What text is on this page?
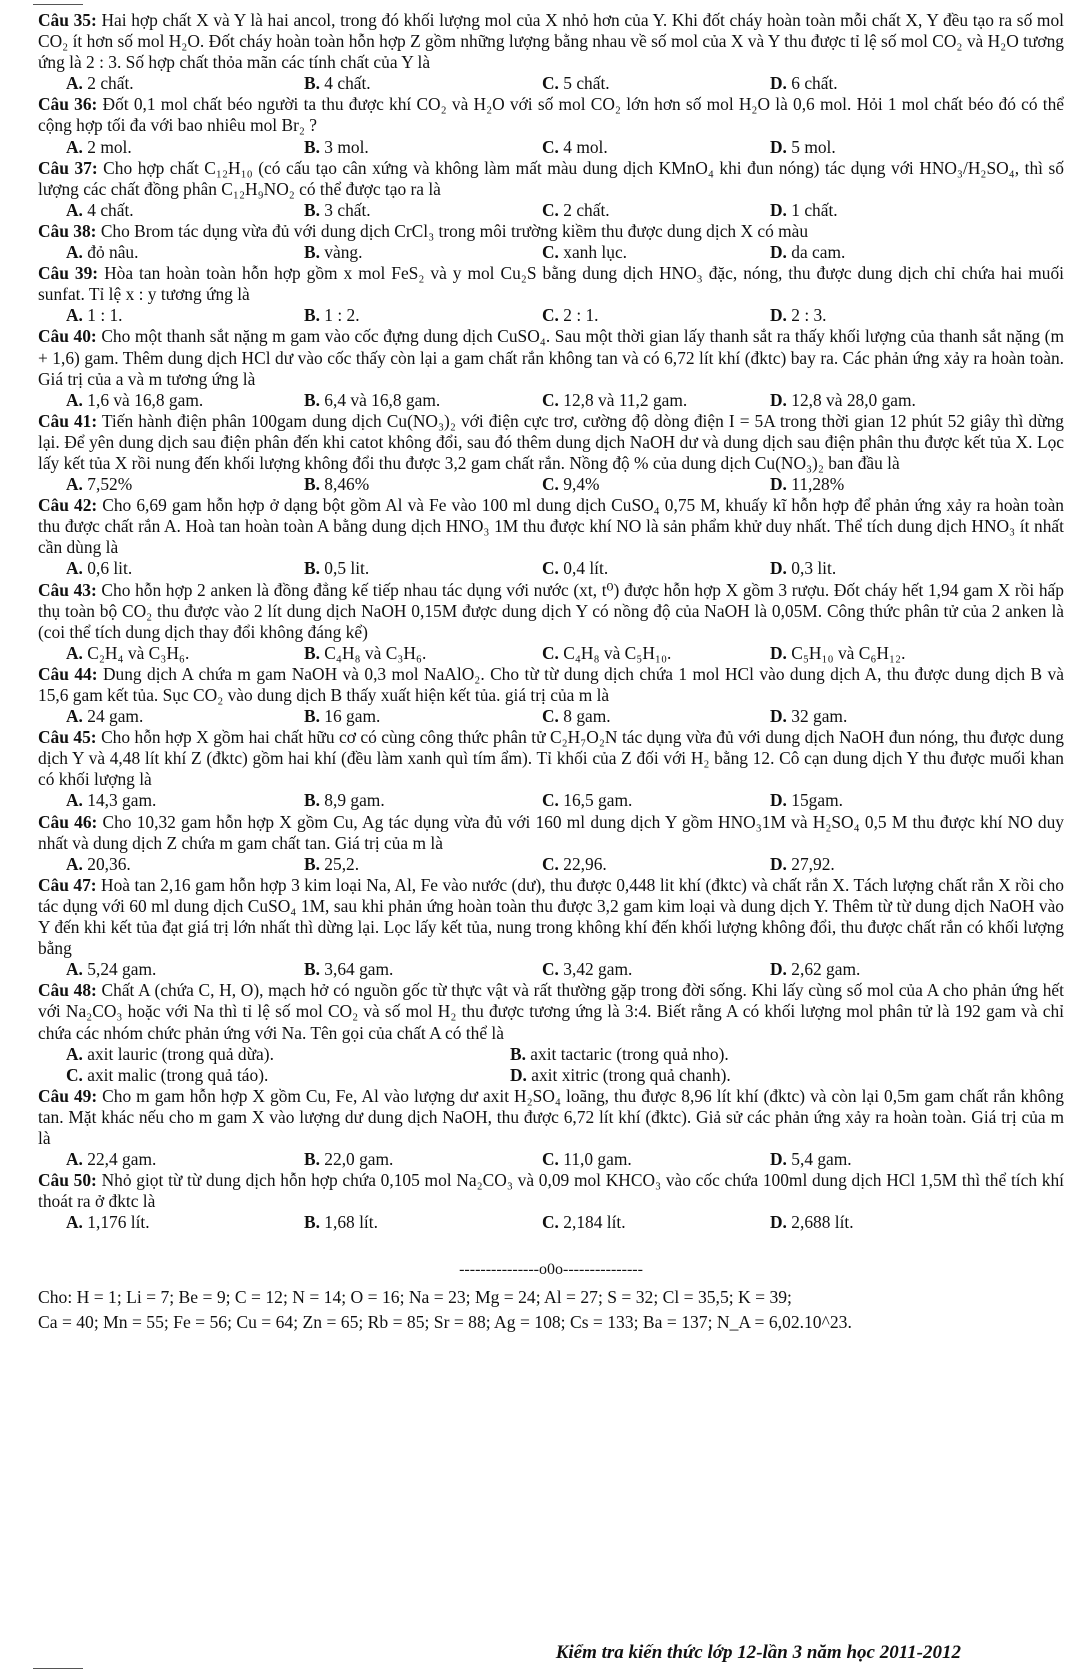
Câu 35: Hai hợp chất X và Y là hai ancol, trong đó khối lượng mol của X nhỏ hơn của Y. Khi đốt cháy hoàn toàn mỗi chất X, Y đều tạo ra số mol CO₂ ít hơn số mol H₂O. Đốt cháy hoàn toàn hỗn hợp Z gồm những lượng bằng nhau về số mol của X và Y thu được tỉ lệ số mol CO₂ và H₂O tương ứng là 2 : 3. Số hợp chất thỏa mãn các tính chất của Y là

A. 2 chất.	B. 4 chất.	C. 5 chất.	D. 6 chất.

Câu 36: Đốt 0,1 mol chất béo người ta thu được khí CO₂ và H₂O với số mol CO₂ lớn hơn số mol H₂O là 0,6 mol. Hỏi 1 mol chất béo đó có thể cộng hợp tối đa với bao nhiêu mol Br₂ ?

A. 2 mol.	B. 3 mol.	C. 4 mol.	D. 5 mol.

Câu 37: Cho hợp chất C₁₂H₁₀ (có cấu tạo cân xứng và không làm mất màu dung dịch KMnO₄ khi đun nóng) tác dụng với HNO₃/H₂SO₄, thì số lượng các chất đồng phân C₁₂H₉NO₂ có thể được tạo ra là

A. 4 chất.	B. 3 chất.	C. 2 chất.	D. 1 chất.

Câu 38: Cho Brom tác dụng vừa đủ với dung dịch CrCl₃ trong môi trường kiềm thu được dung dịch X có màu

A. đỏ nâu.	B. vàng.	C. xanh lục.	D. da cam.

Câu 39: Hòa tan hoàn toàn hỗn hợp gồm x mol FeS₂ và y mol Cu₂S bằng dung dịch HNO₃ đặc, nóng, thu được dung dịch chỉ chứa hai muối sunfat. Tỉ lệ x : y tương ứng là

A. 1 : 1.	B. 1 : 2.	C. 2 : 1.	D. 2 : 3.

Câu 40: Cho một thanh sắt nặng m gam vào cốc đựng dung dịch CuSO₄. Sau một thời gian lấy thanh sắt ra thấy khối lượng của thanh sắt nặng (m + 1,6) gam. Thêm dung dịch HCl dư vào cốc thấy còn lại a gam chất rắn không tan và có 6,72 lít khí (đktc) bay ra. Các phản ứng xảy ra hoàn toàn. Giá trị của a và m tương ứng là

A. 1,6 và 16,8 gam.	B. 6,4 và 16,8 gam.	C. 12,8 và 11,2 gam.	D. 12,8 và 28,0 gam.

Câu 41: Tiến hành điện phân 100gam dung dịch Cu(NO₃)₂ với điện cực trơ, cường độ dòng điện I = 5A trong thời gian 12 phút 52 giây thì dừng lại. Để yên dung dịch sau điện phân đến khi catot không đổi, sau đó thêm dung dịch NaOH dư và dung dịch sau điện phân thu được kết tủa X. Lọc lấy kết tủa X rồi nung đến khối lượng không đổi thu được 3,2 gam chất rắn. Nồng độ % của dung dịch Cu(NO₃)₂ ban đầu là

A. 7,52%	B. 8,46%	C. 9,4%	D. 11,28%

Câu 42: Cho 6,69 gam hỗn hợp ở dạng bột gồm Al và Fe vào 100 ml dung dịch CuSO₄ 0,75 M, khuấy kĩ hỗn hợp để phản ứng xảy ra hoàn toàn thu được chất rắn A. Hoà tan hoàn toàn A bằng dung dịch HNO₃ 1M thu được khí NO là sản phẩm khử duy nhất. Thể tích dung dịch HNO₃ ít nhất cần dùng là

A. 0,6 lit.	B. 0,5 lit.	C. 0,4 lít.	D. 0,3 lit.

Câu 43: Cho hỗn hợp 2 anken là đồng đẳng kế tiếp nhau tác dụng với nước (xt, t⁰) được hỗn hợp X gồm 3 rượu. Đốt cháy hết 1,94 gam X rồi hấp thụ toàn bộ CO₂ thu được vào 2 lít dung dịch NaOH 0,15M được dung dịch Y có nồng độ của NaOH là 0,05M. Công thức phân tử của 2 anken là (coi thể tích dung dịch thay đổi không đáng kể)

A. C₂H₄ và C₃H₆.	B. C₄H₈ và C₃H₆.	C. C₄H₈ và C₅H₁₀.	D. C₅H₁₀ và C₆H₁₂.

Câu 44: Dung dịch A chứa m gam NaOH và 0,3 mol NaAlO₂. Cho từ từ dung dịch chứa 1 mol HCl vào dung dịch A, thu được dung dịch B và 15,6 gam kết tủa. Sục CO₂ vào dung dịch B thấy xuất hiện kết tủa. giá trị của m là

A. 24 gam.	B. 16 gam.	C. 8 gam.	D. 32 gam.

Câu 45: Cho hỗn hợp X gồm hai chất hữu cơ có cùng công thức phân tử C₂H₇O₂N tác dụng vừa đủ với dung dịch NaOH đun nóng, thu được dung dịch Y và 4,48 lít khí Z (đktc) gồm hai khí (đều làm xanh quì tím ẩm). Tỉ khối của Z đối với H₂ bằng 12. Cô cạn dung dịch Y thu được muối khan có khối lượng là

A. 14,3 gam.	B. 8,9 gam.	C. 16,5 gam.	D. 15gam.

Câu 46: Cho 10,32 gam hỗn hợp X gồm Cu, Ag tác dụng vừa đủ với 160 ml dung dịch Y gồm HNO₃1M và H₂SO₄ 0,5 M thu được khí NO duy nhất và dung dịch Z chứa m gam chất tan. Giá trị của m là

A. 20,36.	B. 25,2.	C. 22,96.	D. 27,92.

Câu 47: Hoà tan 2,16 gam hỗn hợp 3 kim loại Na, Al, Fe vào nước (dư), thu được 0,448 lit khí (đktc) và chất rắn X. Tách lượng chất rắn X rồi cho tác dụng với 60 ml dung dịch CuSO₄ 1M, sau khi phản ứng hoàn toàn thu được 3,2 gam kim loại và dung dịch Y. Thêm từ từ dung dịch NaOH vào Y đến khi kết tủa đạt giá trị lớn nhất thì dừng lại. Lọc lấy kết tủa, nung trong không khí đến khối lượng không đổi, thu được chất rắn có khối lượng bằng

A. 5,24 gam.	B. 3,64 gam.	C. 3,42 gam.	D. 2,62 gam.

Câu 48: Chất A (chứa C, H, O), mạch hở có nguồn gốc từ thực vật và rất thường gặp trong đời sống. Khi lấy cùng số mol của A cho phản ứng hết với Na₂CO₃ hoặc với Na thì tỉ lệ số mol CO₂ và số mol H₂ thu được tương ứng là 3:4. Biết rằng A có khối lượng mol phân tử là 192 gam và chỉ chứa các nhóm chức phản ứng với Na. Tên gọi của chất A có thể là

A. axit lauric (trong quả dừa).	B. axit tactaric (trong quả nho).
C. axit malic (trong quả táo).	D. axit xitric (trong quả chanh).

Câu 49: Cho m gam hỗn hợp X gồm Cu, Fe, Al vào lượng dư axit H₂SO₄ loãng, thu được 8,96 lít khí (đktc) và còn lại 0,5m gam chất rắn không tan. Mặt khác nếu cho m gam X vào lượng dư dung dịch NaOH, thu được 6,72 lít khí (đktc). Giả sử các phản ứng xảy ra hoàn toàn. Giá trị của m là

A. 22,4 gam.	B. 22,0 gam.	C. 11,0 gam.	D. 5,4 gam.

Câu 50: Nhỏ giọt từ từ dung dịch hỗn hợp chứa 0,105 mol Na₂CO₃ và 0,09 mol KHCO₃ vào cốc chứa 100ml dung dịch HCl 1,5M thì thể tích khí thoát ra ở đktc là

A. 1,176 lít.	B. 1,68 lít.	C. 2,184 lít.	D. 2,688 lít.
---------------o0o---------------
Cho: H = 1; Li = 7; Be = 9; C = 12; N = 14; O = 16; Na = 23; Mg = 24; Al = 27; S = 32; Cl = 35,5; K = 39;
Ca = 40; Mn = 55; Fe = 56; Cu = 64; Zn = 65; Rb = 85; Sr = 88; Ag = 108; Cs = 133; Ba = 137; N_A = 6,02.10^23.
Kiểm tra kiến thức lớp 12-lần 3 năm học 2011-2012
